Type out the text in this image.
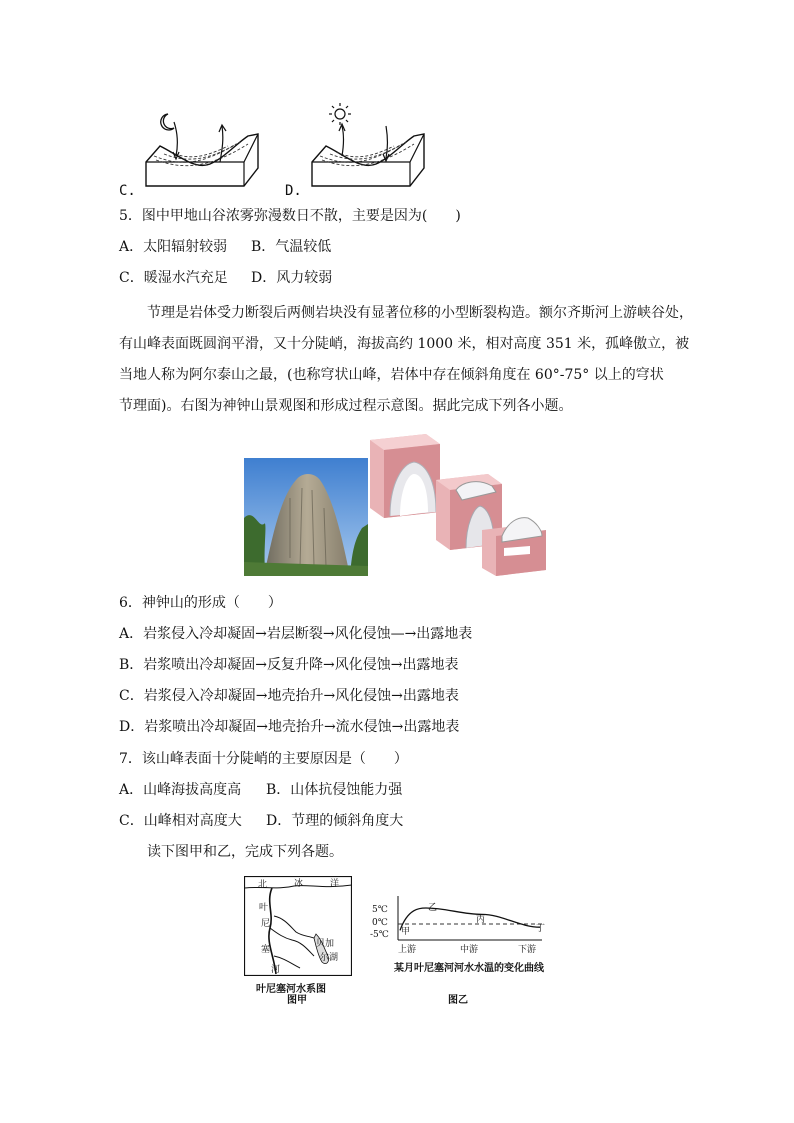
C.	D.
5．图中甲地山谷浓雾弥漫数日不散，主要是因为(　　)
A．太阳辐射较弱 B．气温较低
C．暖湿水汽充足 D．风力较弱
节理是岩体受力断裂后两侧岩块没有显著位移的小型断裂构造。额尔齐斯河上游峡谷处，
有山峰表面既圆润平滑，又十分陡峭，海拔高约 1000 米，相对高度 351 米，孤峰傲立，被
当地人称为阿尔泰山之最，(也称穹状山峰，岩体中存在倾斜角度在 60°-75° 以上的穹状
节理面)。右图为神钟山景观图和形成过程示意图。据此完成下列各小题。
6．神钟山的形成（　　）
A．岩浆侵入冷却凝固→岩层断裂→风化侵蚀—→出露地表
B．岩浆喷出冷却凝固→反复升降→风化侵蚀→出露地表
C．岩浆侵入冷却凝固→地壳抬升→风化侵蚀→出露地表
D．岩浆喷出冷却凝固→地壳抬升→流水侵蚀→出露地表
7．该山峰表面十分陡峭的主要原因是（　　）
A．山峰海拔高度高 B．山体抗侵蚀能力强
C．山峰相对高度大 D．节理的倾斜角度大
读下图甲和乙，完成下列各题。
北	冰	洋
叶
尼
塞
河
贝加
尔湖
叶尼塞河水系图
图甲
5℃
0℃
-5℃ 甲
乙
丙
丁
上游	中游	下游
某月叶尼塞河河水水温的变化曲线
图乙
